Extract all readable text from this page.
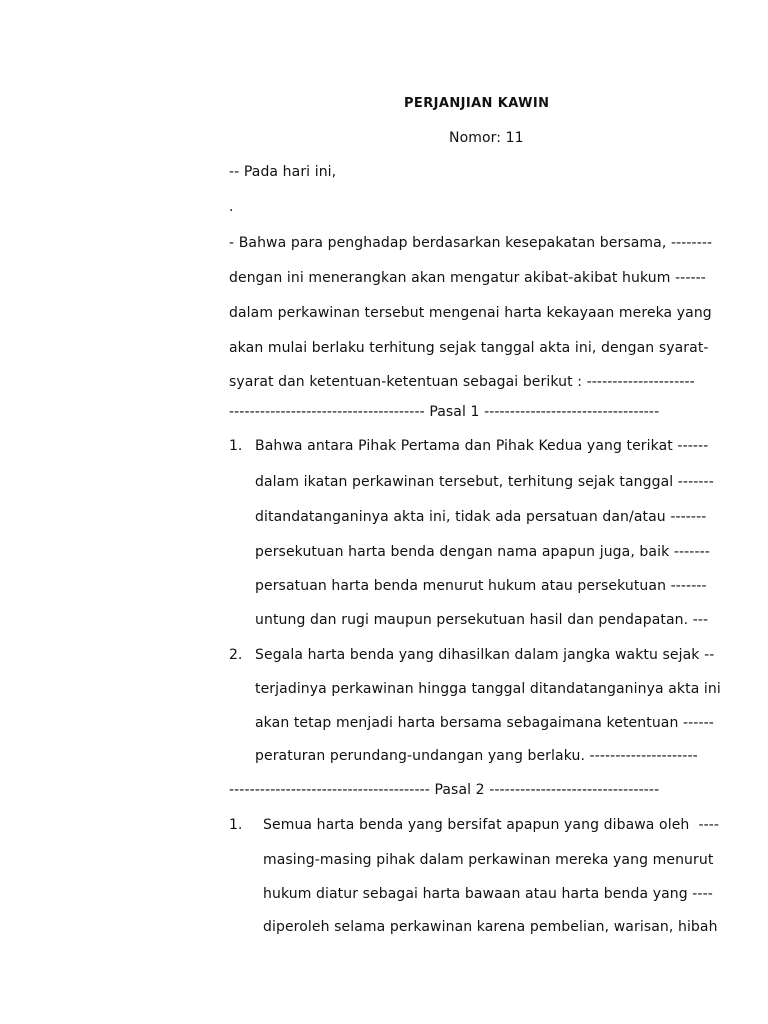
PERJANJIAN KAWIN
Nomor: 11
-- Pada hari ini,
.
- Bahwa para penghadap berdasarkan kesepakatan bersama, --------
dengan ini menerangkan akan mengatur akibat-akibat hukum ------
dalam perkawinan tersebut mengenai harta kekayaan mereka yang
akan mulai berlaku terhitung sejak tanggal akta ini, dengan syarat-
syarat dan ketentuan-ketentuan sebagai berikut : ---------------------
-------------------------------------- Pasal 1 ----------------------------------
1. Bahwa antara Pihak Pertama dan Pihak Kedua yang terikat ------
dalam ikatan perkawinan tersebut, terhitung sejak tanggal -------
ditandatanganinya akta ini, tidak ada persatuan dan/atau -------
persekutuan harta benda dengan nama apapun juga, baik -------
persatuan harta benda menurut hukum atau persekutuan -------
untung dan rugi maupun persekutuan hasil dan pendapatan. ---
2. Segala harta benda yang dihasilkan dalam jangka waktu sejak --
terjadinya perkawinan hingga tanggal ditandatanganinya akta ini
akan tetap menjadi harta bersama sebagaimana ketentuan ------
peraturan perundang-undangan yang berlaku. ---------------------
--------------------------------------- Pasal 2 ---------------------------------
1. Semua harta benda yang bersifat apapun yang dibawa oleh  ----
masing-masing pihak dalam perkawinan mereka yang menurut
hukum diatur sebagai harta bawaan atau harta benda yang ----
diperoleh selama perkawinan karena pembelian, warisan, hibah
